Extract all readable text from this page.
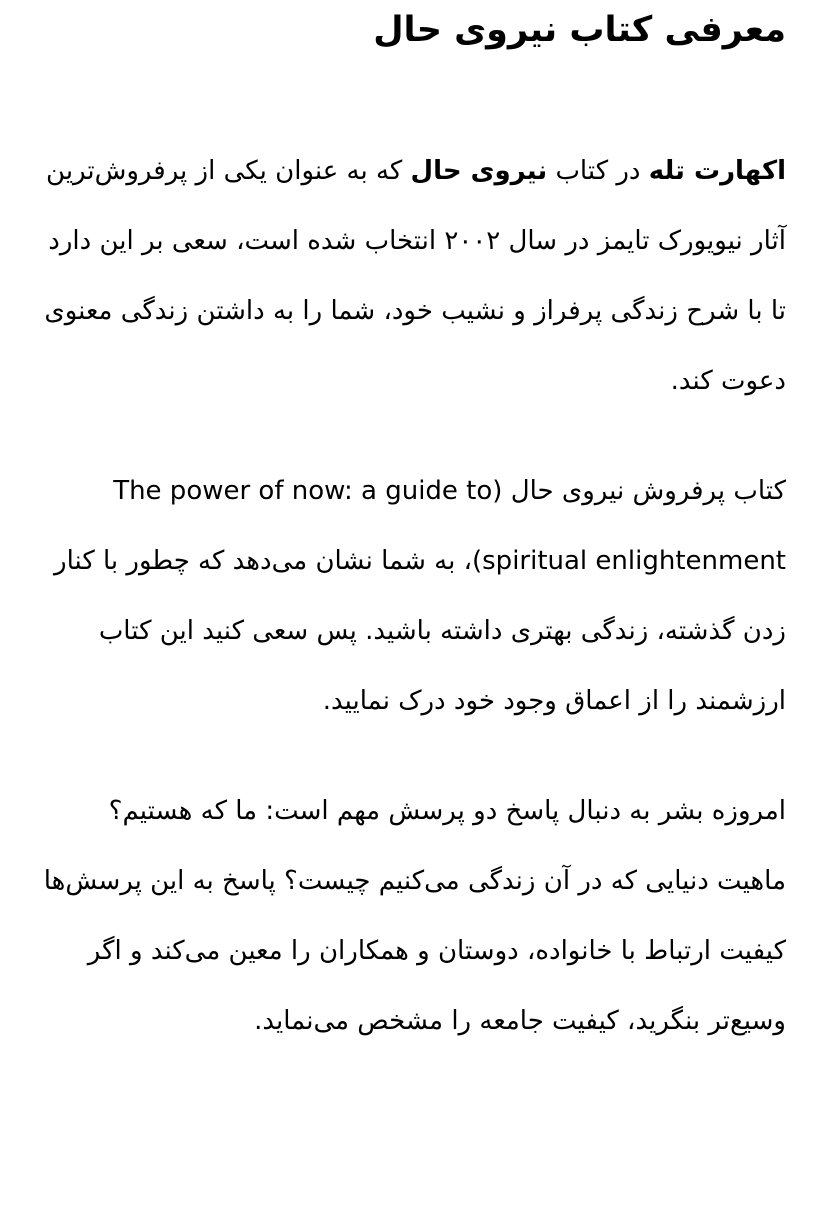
معرفی کتاب نیروی حال

اکهارت تله در کتاب نیروی حال که به عنوان یکی از پرفروش‌ترین آثار نیویورک تایمز در سال ۲۰۰۲ انتخاب شده است، سعی بر این دارد تا با شرح زندگی پرفراز و نشیب خود، شما را به داشتن زندگی معنوی دعوت کند.

کتاب پرفروش نیروی حال (The power of now: a guide to spiritual enlightenment)، به شما نشان می‌دهد که چطور با کنار زدن گذشته، زندگی بهتری داشته باشید. پس سعی کنید این کتاب ارزشمند را از اعماق وجود خود درک نمایید.

امروزه بشر به دنبال پاسخ دو پرسش مهم است: ما که هستیم؟ ماهیت دنیایی که در آن زندگی می‌کنیم چیست؟ پاسخ به این پرسش‌ها کیفیت ارتباط با خانواده، دوستان و همکاران را معین می‌کند و اگر وسیع‌تر بنگرید، کیفیت جامعه را مشخص می‌نماید.
